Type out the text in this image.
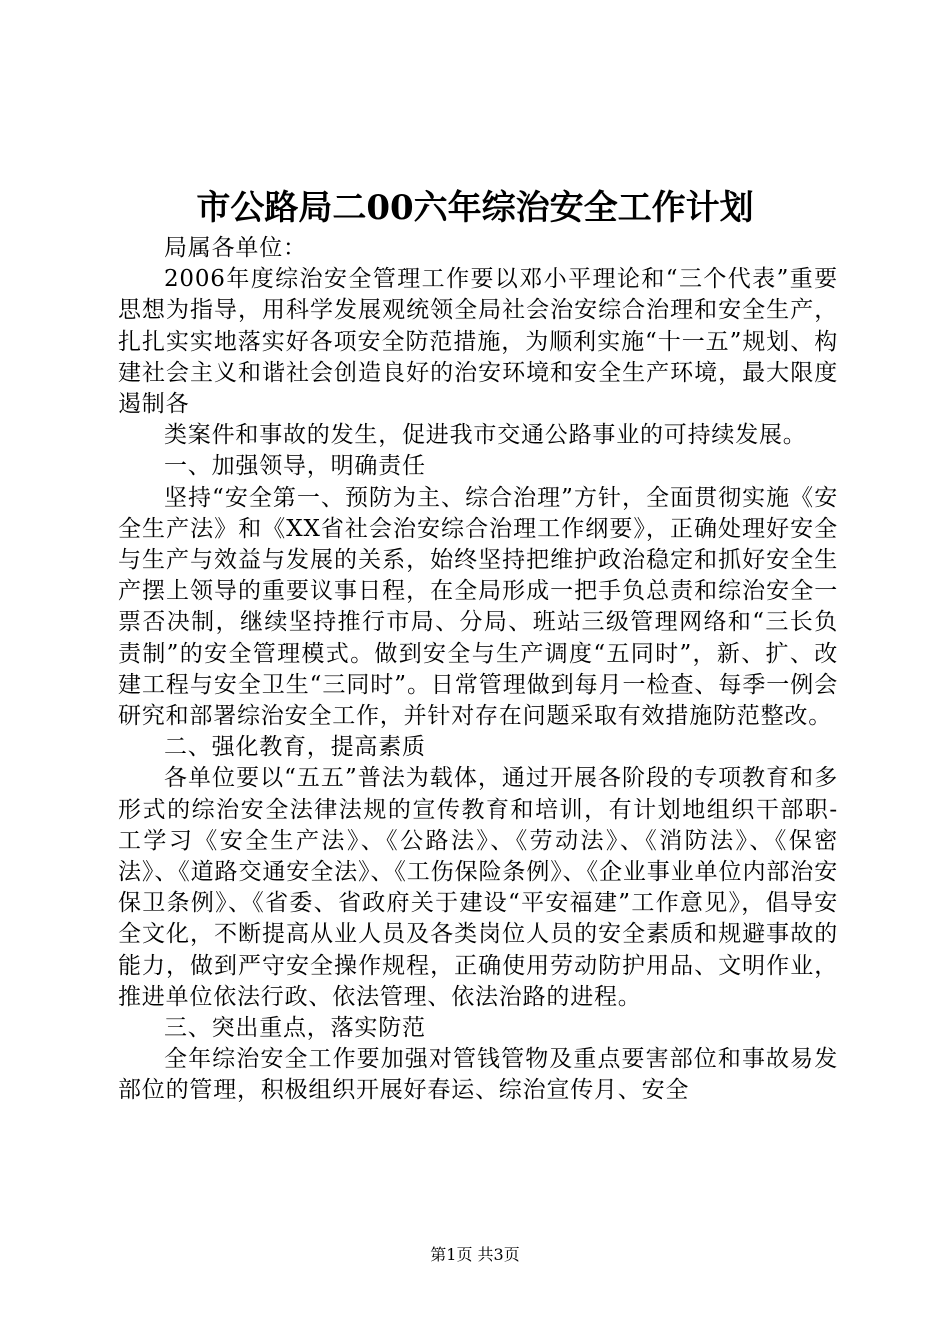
市公路局二00六年综治安全工作计划

局属各单位：

2006年度综治安全管理工作要以邓小平理论和“三个代表”重要思想为指导，用科学发展观统领全局社会治安综合治理和安全生产，扎扎实实地落实好各项安全防范措施，为顺利实施“十一五”规划、构建社会主义和谐社会创造良好的治安环境和安全生产环境，最大限度遏制各

类案件和事故的发生，促进我市交通公路事业的可持续发展。

一、加强领导，明确责任

坚持“安全第一、预防为主、综合治理”方针，全面贯彻实施《安全生产法》和《XX省社会治安综合治理工作纲要》，正确处理好安全与生产与效益与发展的关系，始终坚持把维护政治稳定和抓好安全生产摆上领导的重要议事日程，在全局形成一把手负总责和综治安全一票否决制，继续坚持推行市局、分局、班站三级管理网络和“三长负责制”的安全管理模式。做到安全与生产调度“五同时”，新、扩、改建工程与安全卫生“三同时”。日常管理做到每月一检查、每季一例会研究和部署综治安全工作，并针对存在问题采取有效措施防范整改。

二、强化教育，提高素质

各单位要以“五五”普法为载体，通过开展各阶段的专项教育和多形式的综治安全法律法规的宣传教育和培训，有计划地组织干部职-工学习《安全生产法》、《公路法》、《劳动法》、《消防法》、《保密法》、《道路交通安全法》、《工伤保险条例》、《企业事业单位内部治安保卫条例》、《省委、省政府关于建设“平安福建”工作意见》，倡导安全文化，不断提高从业人员及各类岗位人员的安全素质和规避事故的能力，做到严守安全操作规程，正确使用劳动防护用品、文明作业，推进单位依法行政、依法管理、依法治路的进程。

三、突出重点，落实防范

全年综治安全工作要加强对管钱管物及重点要害部位和事故易发部位的管理，积极组织开展好春运、综治宣传月、安全

第1页 共3页
